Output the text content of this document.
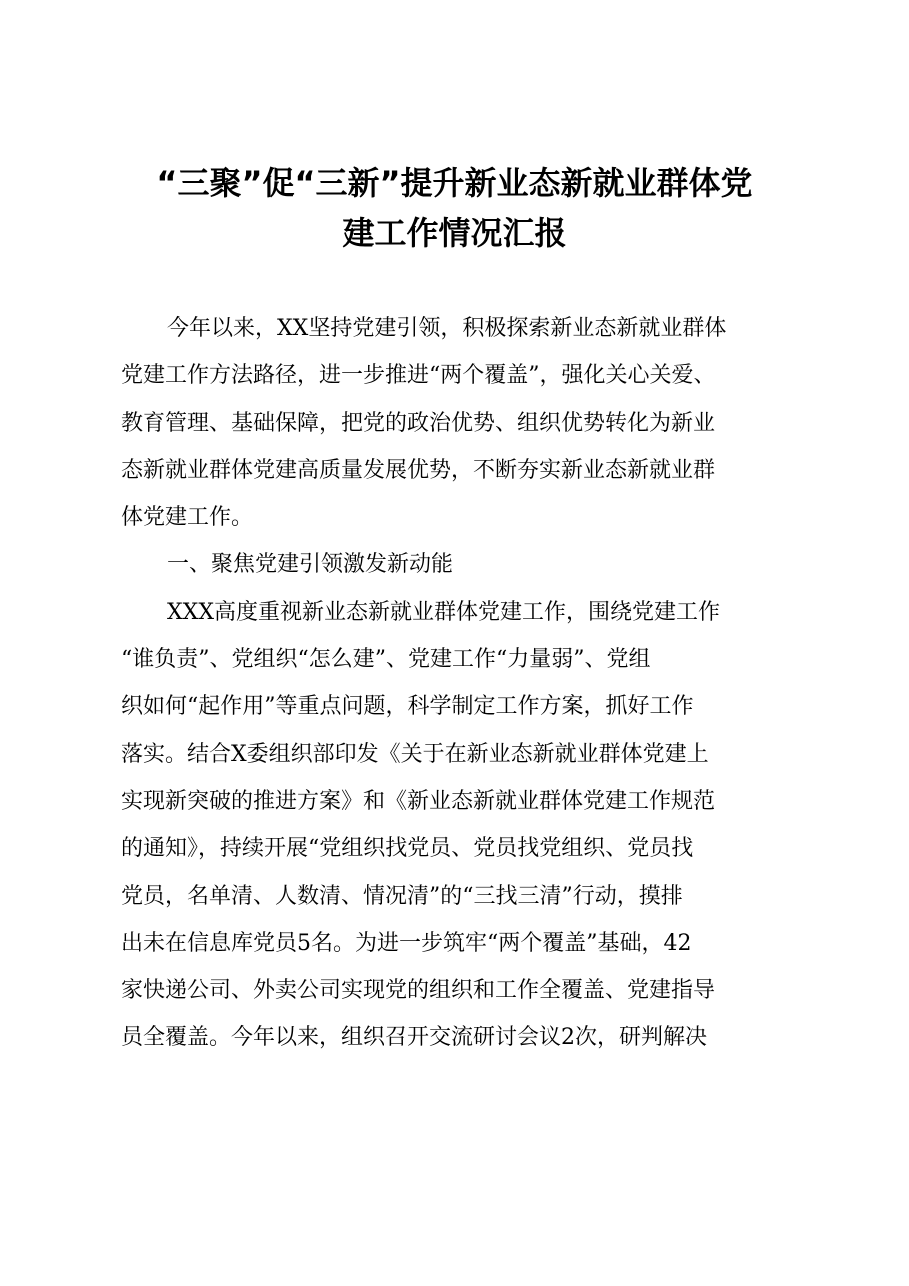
“三聚”促“三新”提升新业态新就业群体党
建工作情况汇报
今年以来，XX坚持党建引领，积极探索新业态新就业群体
党建工作方法路径，进一步推进“两个覆盖”，强化关心关爱、
教育管理、基础保障，把党的政治优势、组织优势转化为新业
态新就业群体党建高质量发展优势，不断夯实新业态新就业群
体党建工作。
一、聚焦党建引领激发新动能
XXX高度重视新业态新就业群体党建工作，围绕党建工作
“谁负责”、党组织“怎么建”、党建工作“力量弱”、党组
织如何“起作用”等重点问题，科学制定工作方案，抓好工作
落实。结合X委组织部印发《关于在新业态新就业群体党建上
实现新突破的推进方案》和《新业态新就业群体党建工作规范
的通知》，持续开展“党组织找党员、党员找党组织、党员找
党员，名单清、人数清、情况清”的“三找三清”行动，摸排
出未在信息库党员5名。为进一步筑牢“两个覆盖”基础，42
家快递公司、外卖公司实现党的组织和工作全覆盖、党建指导
员全覆盖。今年以来，组织召开交流研讨会议2次，研判解决
